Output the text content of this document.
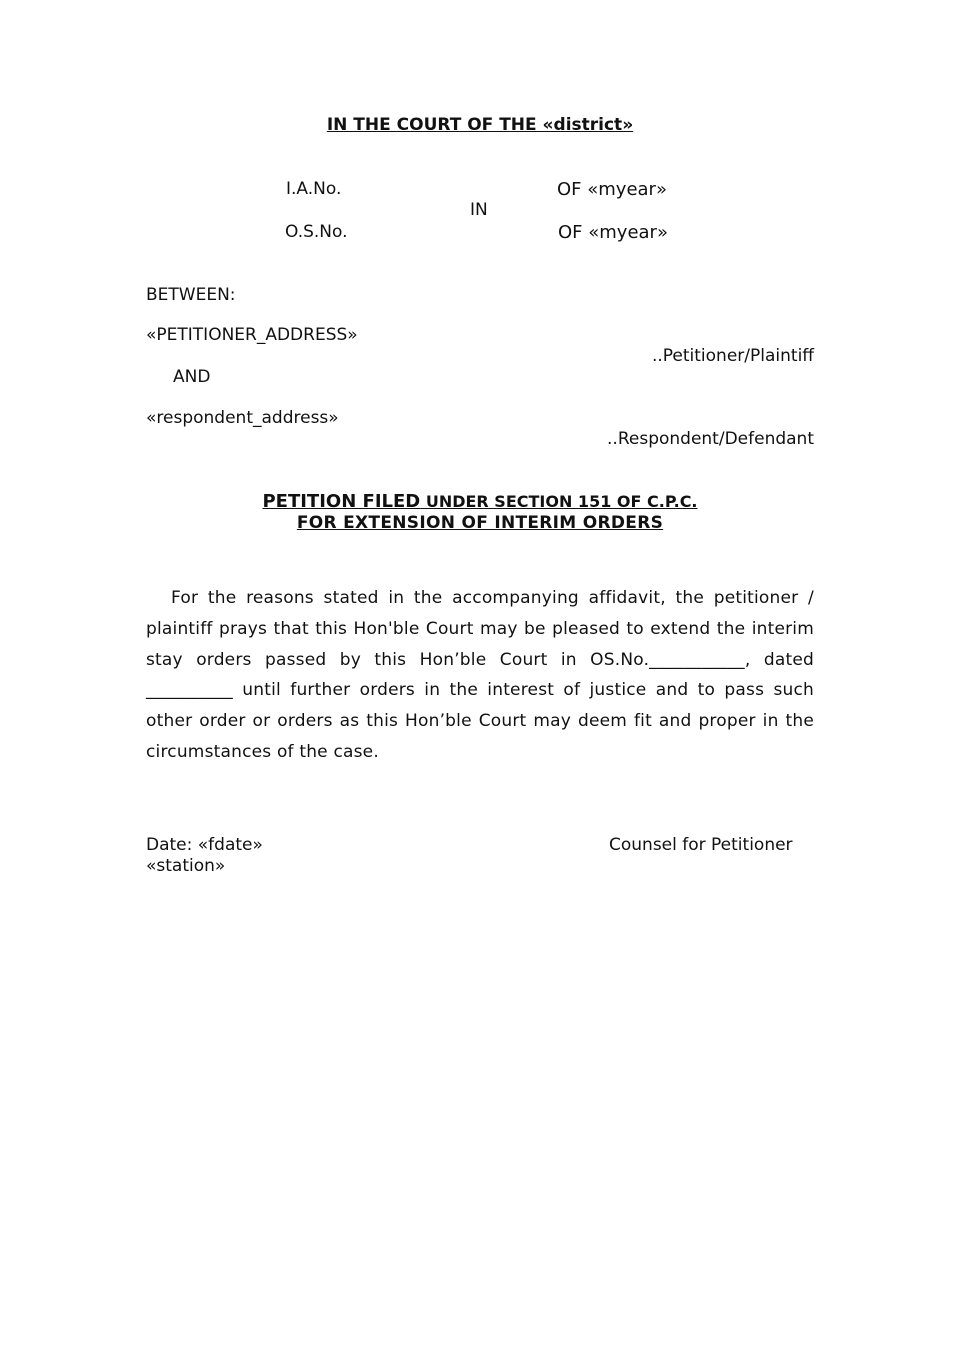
IN THE COURT OF THE «district»
I.A.No.	OF «myear»
IN
O.S.No.	OF «myear»
BETWEEN:
«PETITIONER_ADDRESS»
..Petitioner/Plaintiff
AND
«respondent_address»
..Respondent/Defendant
PETITION FILED UNDER SECTION 151 OF C.P.C.
FOR EXTENSION OF INTERIM ORDERS
For the reasons stated in the accompanying affidavit, the petitioner / plaintiff prays that this Hon'ble Court may be pleased to extend the interim stay orders passed by this Hon’ble Court in OS.No.___________, dated __________ until further orders in the interest of justice and to pass such other order or orders as this Hon’ble Court may deem fit and proper in the circumstances of the case.
Date: «fdate»	Counsel for Petitioner
«station»
